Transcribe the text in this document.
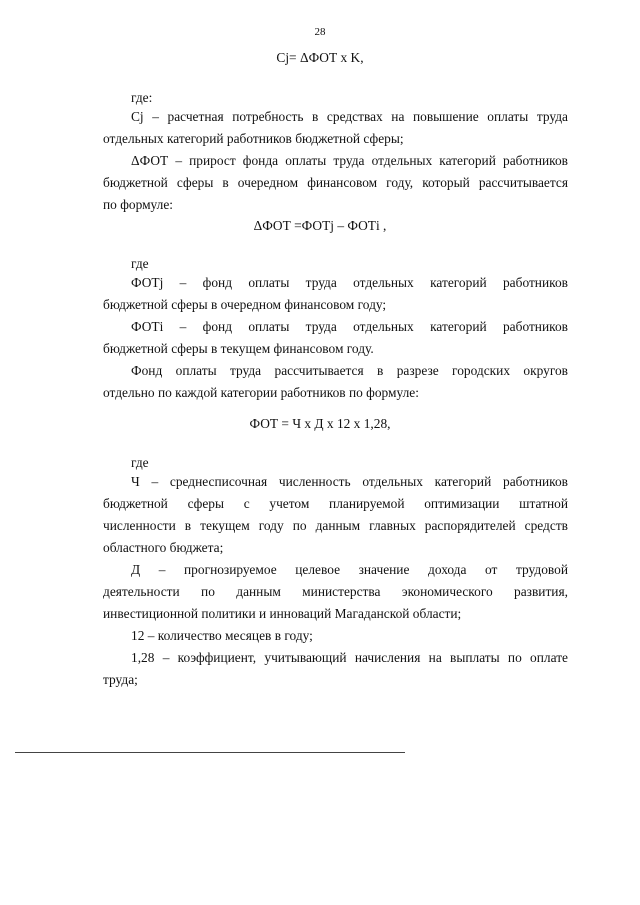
28
Cj= ΔФОТ x K,
где:
Cj – расчетная потребность в средствах на повышение оплаты труда
отдельных категорий работников бюджетной сферы;
ΔФОТ – прирост фонда оплаты труда отдельных категорий работников
бюджетной сферы в очередном финансовом году, который рассчитывается
по формуле:
ΔФОТ =ФОТj – ФОТi ,
где
ФОТj – фонд оплаты труда отдельных категорий работников
бюджетной сферы в очередном финансовом году;
ФОТi – фонд оплаты труда отдельных категорий работников
бюджетной сферы в текущем финансовом году.
Фонд оплаты труда рассчитывается в разрезе городских округов
отдельно по каждой категории работников по формуле:
ФОТ = Ч x Д x 12 x 1,28,
где
Ч – среднесписочная численность отдельных категорий работников
бюджетной сферы с учетом планируемой оптимизации штатной
численности в текущем году по данным главных распорядителей средств
областного бюджета;
Д – прогнозируемое целевое значение дохода от трудовой
деятельности по данным министерства экономического развития,
инвестиционной политики и инноваций Магаданской области;
12 – количество месяцев в году;
1,28 – коэффициент, учитывающий начисления на выплаты по оплате
труда;
